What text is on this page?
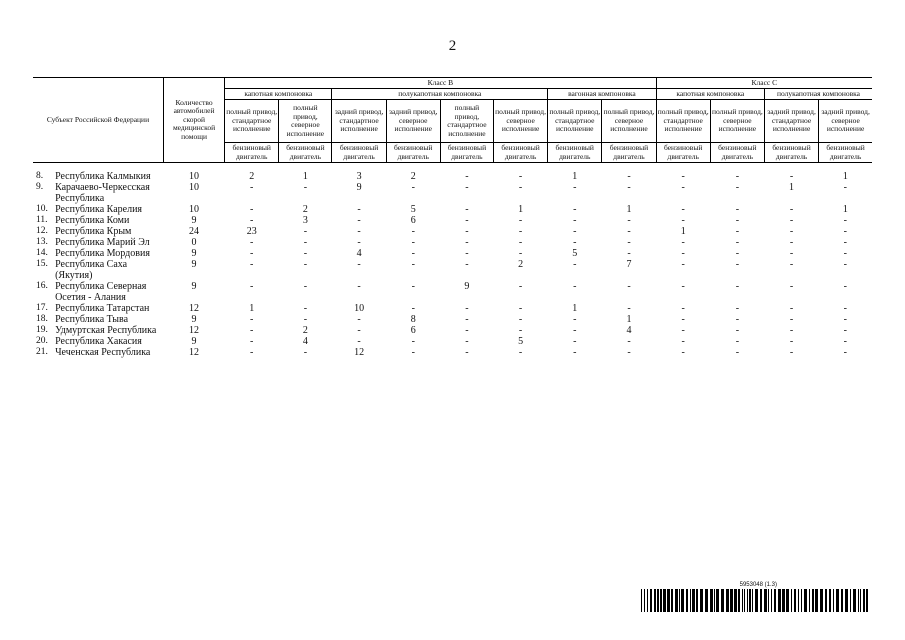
2
Субъект Российской Федерации		Количество автомобилей скорой медицинской помощи	Класс B								Класс C			
			капотная компоновка		полукапотная компоновка				вагонная компоновка		капотная компоновка		полукапотная компоновка	
			полный привод, стандартное исполнение	полный привод, северное исполнение	задний привод, стандартное исполнение	задний привод, северное исполнение	полный привод, стандартное исполнение	полный привод, северное исполнение	полный привод, стандартное исполнение	полный привод, северное исполнение	полный привод, стандартное исполнение	полный привод, северное исполнение	задний привод, стандартное исполнение	задний привод, северное исполнение
			бензиновый двигатель	бензиновый двигатель	бензиновый двигатель	бензиновый двигатель	бензиновый двигатель	бензиновый двигатель	бензиновый двигатель	бензиновый двигатель	бензиновый двигатель	бензиновый двигатель	бензиновый двигатель	бензиновый двигатель

8.	Республика Калмыкия	10	2	1	3	2	-	-	1	-	-	-	-	1
9.	Карачаево-Черкесская Республика	10	-	-	9	-	-	-	-	-	-	-	1	-
10.	Республика Карелия	10	-	2	-	5	-	1	-	1	-	-	-	1
11.	Республика Коми	9	-	3	-	6	-	-	-	-	-	-	-	-
12.	Республика Крым	24	23	-	-	-	-	-	-	-	1	-	-	-
13.	Республика Марий Эл	0	-	-	-	-	-	-	-	-	-	-	-	-
14.	Республика Мордовия	9	-	-	4	-	-	-	5	-	-	-	-	-
15.	Республика Саха (Якутия)	9	-	-	-	-	-	2	-	7	-	-	-	-
16.	Республика Северная Осетия - Алания	9	-	-	-	-	9	-	-	-	-	-	-	-
17.	Республика Татарстан	12	1	-	10	-	-	-	1	-	-	-	-	-
18.	Республика Тыва	9	-	-	-	8	-	-	-	1	-	-	-	-
19.	Удмуртская Республика	12	-	2	-	6	-	-	-	4	-	-	-	-
20.	Республика Хакасия	9	-	4	-	-	-	5	-	-	-	-	-	-
21.	Чеченская Республика	12	-	-	12	-	-	-	-	-	-	-	-	-
5953048 (1.3)
